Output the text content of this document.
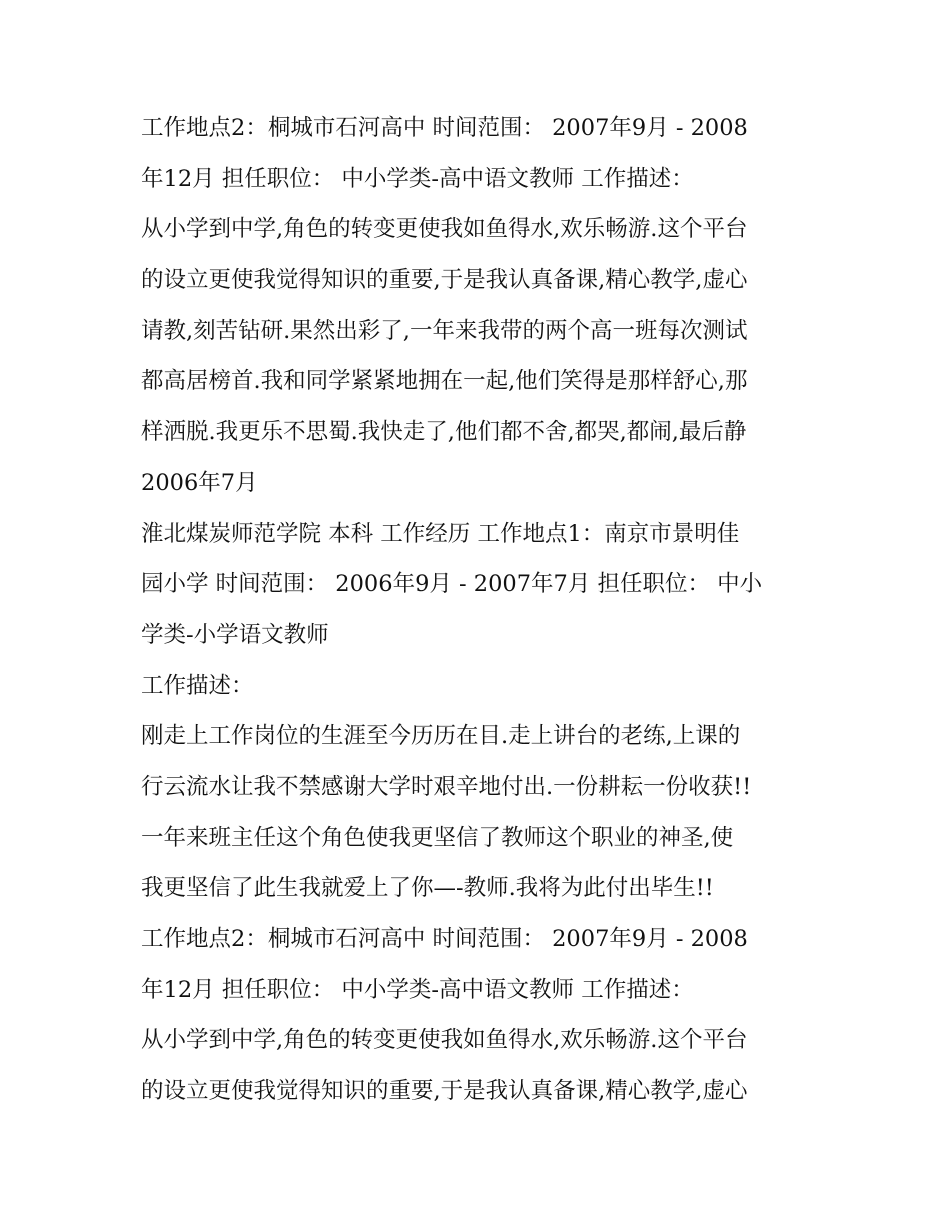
工作地点2：桐城市石河高中 时间范围： 2007年9月 - 2008
年12月 担任职位： 中小学类-高中语文教师 工作描述：
从小学到中学,角色的转变更使我如鱼得水,欢乐畅游.这个平台
的设立更使我觉得知识的重要,于是我认真备课,精心教学,虚心
请教,刻苦钻研.果然出彩了,一年来我带的两个高一班每次测试
都高居榜首.我和同学紧紧地拥在一起,他们笑得是那样舒心,那
样洒脱.我更乐不思蜀.我快走了,他们都不舍,都哭,都闹,最后静
2006年7月
淮北煤炭师范学院 本科 工作经历 工作地点1：南京市景明佳
园小学 时间范围： 2006年9月 - 2007年7月 担任职位： 中小
学类-小学语文教师
工作描述：
刚走上工作岗位的生涯至今历历在目.走上讲台的老练,上课的
行云流水让我不禁感谢大学时艰辛地付出.一份耕耘一份收获!!
一年来班主任这个角色使我更坚信了教师这个职业的神圣,使
我更坚信了此生我就爱上了你—-教师.我将为此付出毕生!!
工作地点2：桐城市石河高中 时间范围： 2007年9月 - 2008
年12月 担任职位： 中小学类-高中语文教师 工作描述：
从小学到中学,角色的转变更使我如鱼得水,欢乐畅游.这个平台
的设立更使我觉得知识的重要,于是我认真备课,精心教学,虚心
